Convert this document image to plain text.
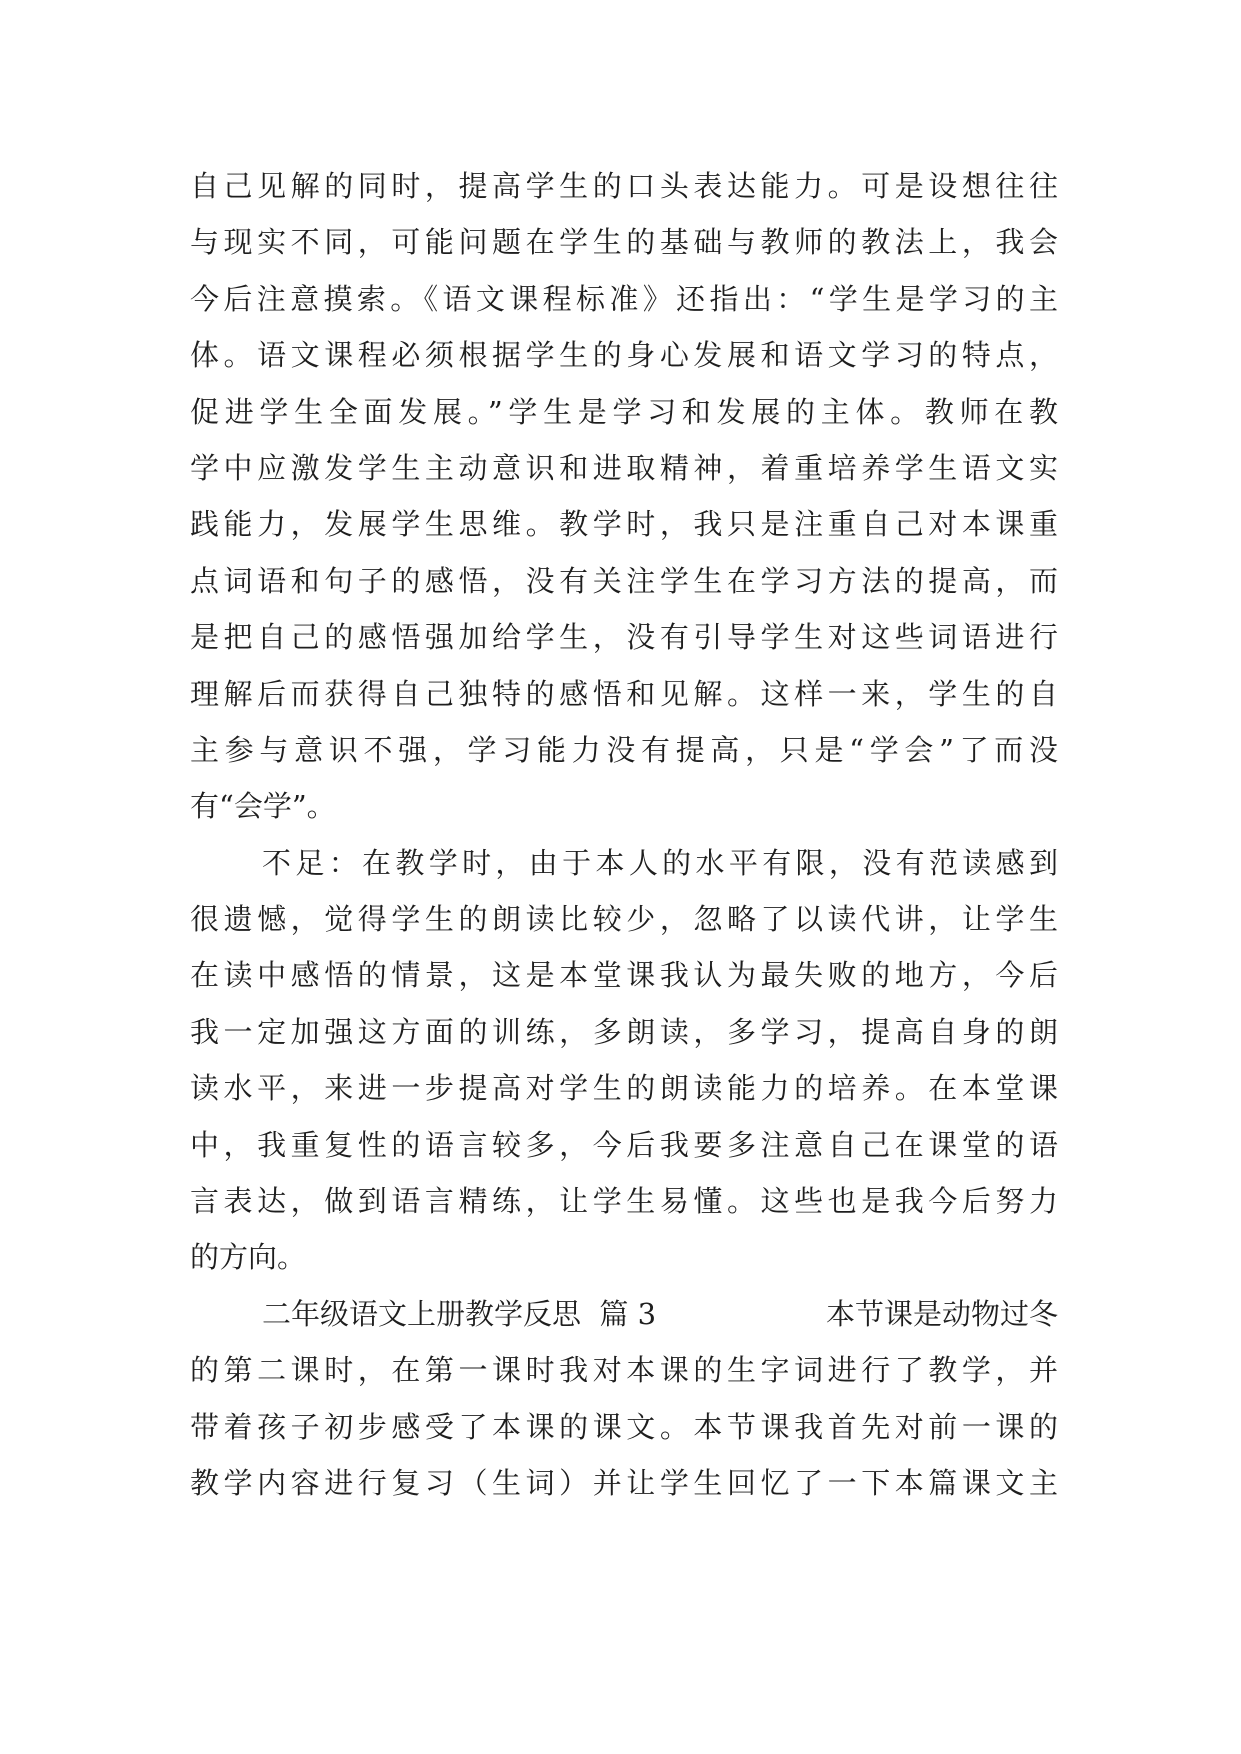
自己见解的同时，提高学生的口头表达能力。可是设想往往
与现实不同，可能问题在学生的基础与教师的教法上，我会
今后注意摸索。《语文课程标准》还指出：“学生是学习的主
体。语文课程必须根据学生的身心发展和语文学习的特点，
促进学生全面发展。”学生是学习和发展的主体。教师在教
学中应激发学生主动意识和进取精神，着重培养学生语文实
践能力，发展学生思维。教学时，我只是注重自己对本课重
点词语和句子的感悟，没有关注学生在学习方法的提高，而
是把自己的感悟强加给学生，没有引导学生对这些词语进行
理解后而获得自己独特的感悟和见解。这样一来，学生的自
主参与意识不强，学习能力没有提高，只是“学会”了而没
有“会学”。
不足：在教学时，由于本人的水平有限，没有范读感到
很遗憾，觉得学生的朗读比较少，忽略了以读代讲，让学生
在读中感悟的情景，这是本堂课我认为最失败的地方，今后
我一定加强这方面的训练，多朗读，多学习，提高自身的朗
读水平，来进一步提高对学生的朗读能力的培养。在本堂课
中，我重复性的语言较多，今后我要多注意自己在课堂的语
言表达，做到语言精练，让学生易懂。这些也是我今后努力
的方向。
二年级语文上册教学反思  篇 3	本节课是动物过冬
的第二课时，在第一课时我对本课的生字词进行了教学，并
带着孩子初步感受了本课的课文。本节课我首先对前一课的
教学内容进行复习（生词）并让学生回忆了一下本篇课文主
